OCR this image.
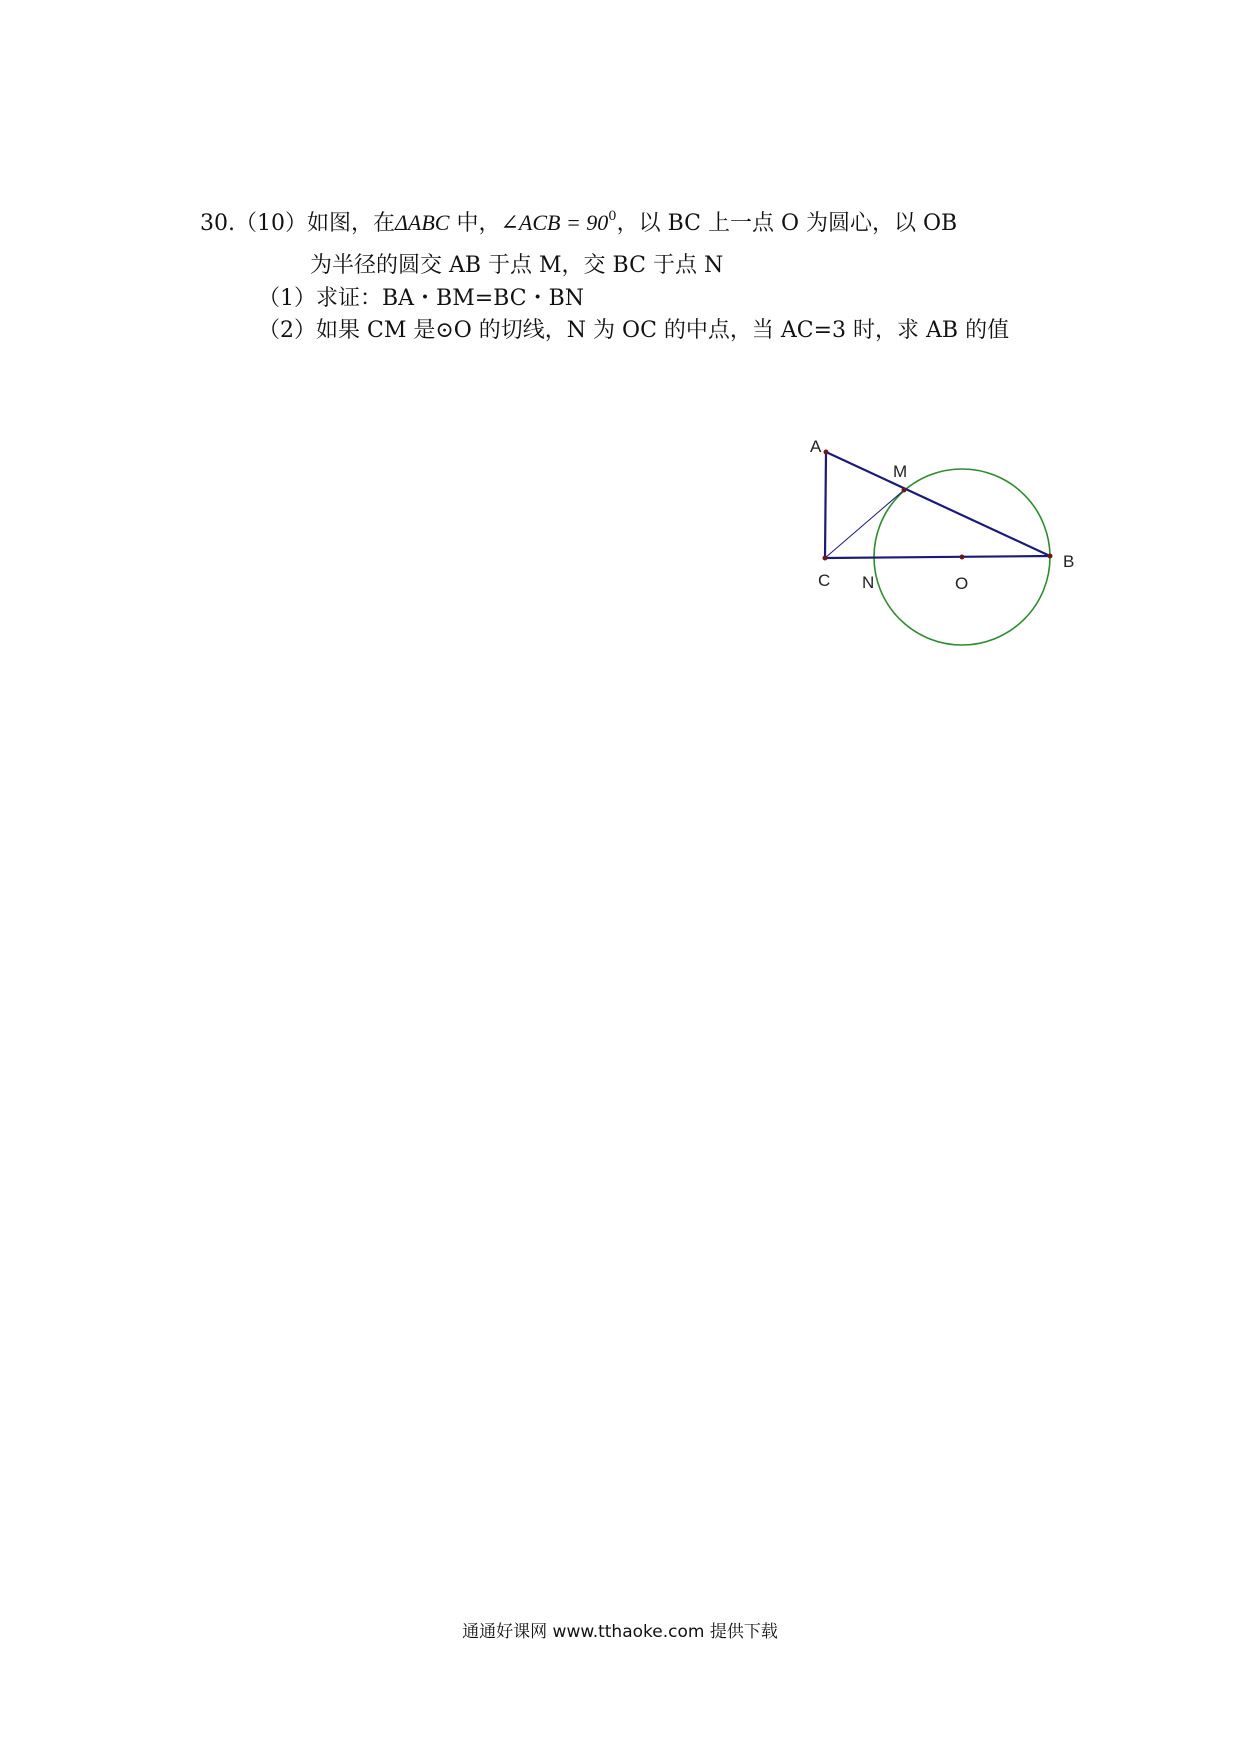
30.（10）如图，在ΔABC 中，∠ACB = $90^0$，以 BC 上一点 O 为圆心，以 OB
为半径的圆交 AB 于点 M，交 BC 于点 N
（1）求证：BA・BM=BC・BN
（2）如果 CM 是⊙O 的切线，N 为 OC 的中点，当 AC=3 时，求 AB 的值
A
M
C N	O
B
通通好课网 www.tthaoke.com 提供下载
